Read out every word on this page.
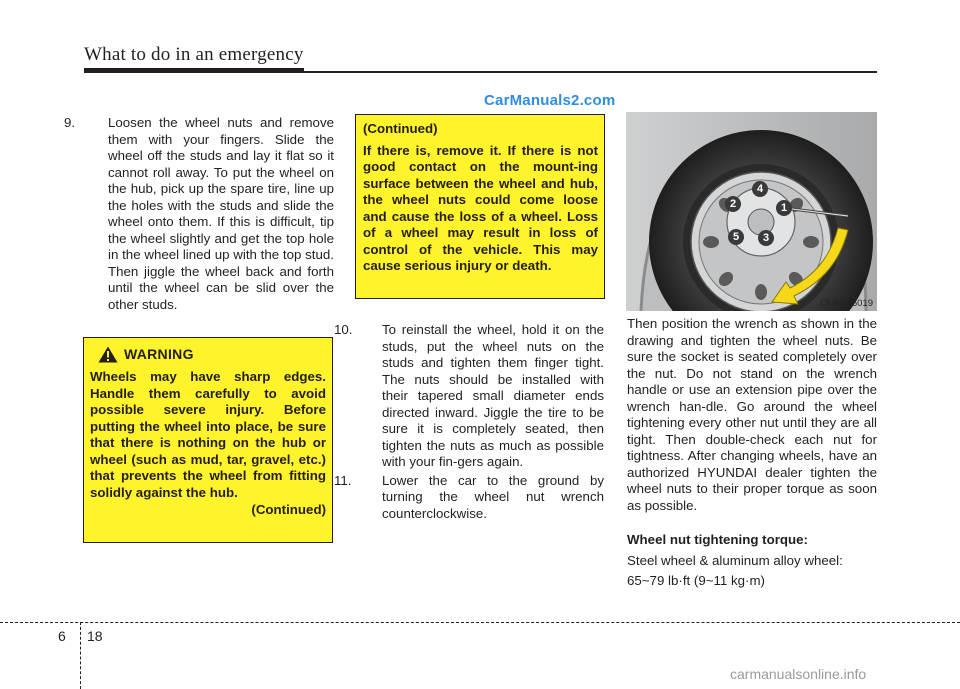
What to do in an emergency
CarManuals2.com

9. Loosen the wheel nuts and remove them with your fingers. Slide the wheel off the studs and lay it flat so it cannot roll away. To put the wheel on the hub, pick up the spare tire, line up the holes with the studs and slide the wheel onto them. If this is difficult, tip the wheel slightly and get the top hole in the wheel lined up with the top stud. Then jiggle the wheel back and forth until the wheel can be slid over the other studs.

WARNING
Wheels may have sharp edges. Handle them carefully to avoid possible severe injury. Before putting the wheel into place, be sure that there is nothing on the hub or wheel (such as mud, tar, gravel, etc.) that prevents the wheel from fitting solidly against the hub.
(Continued)
(Continued)
If there is, remove it. If there is not good contact on the mount-ing surface between the wheel and hub, the wheel nuts could come loose and cause the loss of a wheel. Loss of a wheel may result in loss of control of the vehicle. This may cause serious injury or death.

10. To reinstall the wheel, hold it on the studs, put the wheel nuts on the studs and tighten them finger tight. The nuts should be installed with their tapered small diameter ends directed inward. Jiggle the tire to be sure it is completely seated, then tighten the nuts as much as possible with your fin-gers again.

11. Lower the car to the ground by turning the wheel nut wrench counterclockwise.

4
2	1
5	3
OUN046019

Then position the wrench as shown in the drawing and tighten the wheel nuts. Be sure the socket is seated completely over the nut. Do not stand on the wrench handle or use an extension pipe over the wrench han-dle. Go around the wheel tightening every other nut until they are all tight. Then double-check each nut for tightness. After changing wheels, have an authorized HYUNDAI dealer tighten the wheel nuts to their proper torque as soon as possible.

Wheel nut tightening torque:

Steel wheel & aluminum alloy wheel:

65~79 lb·ft (9~11 kg·m)

6 18
carmanualsonline.info
